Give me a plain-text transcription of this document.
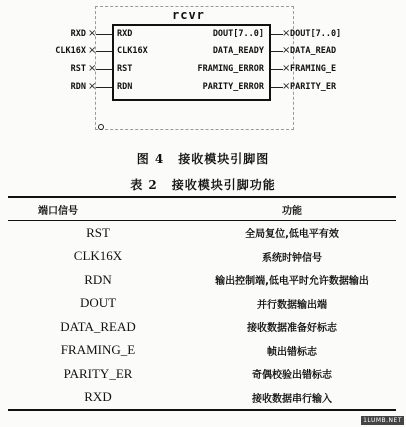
rcvr
RXD × RXD
CLK16X × CLK16X
RST × RST
RDN × RDN
DOUT[7..0] × DOUT[7..0]
DATA_READY × DATA_READ
FRAMING_ERROR × FRAMING_E
PARITY_ERROR × PARITY_ER
图 4 接收模块引脚图
表 2 接收模块引脚功能
端口信号	功能
RST	全局复位,低电平有效
CLK16X	系统时钟信号
RDN	输出控制端,低电平时允许数据输出
DOUT	并行数据输出端
DATA_READ	接收数据准备好标志
FRAMING_E	帧出错标志
PARITY_ER	奇偶校验出错标志
RXD	接收数据串行输入
1LUMB.NET
